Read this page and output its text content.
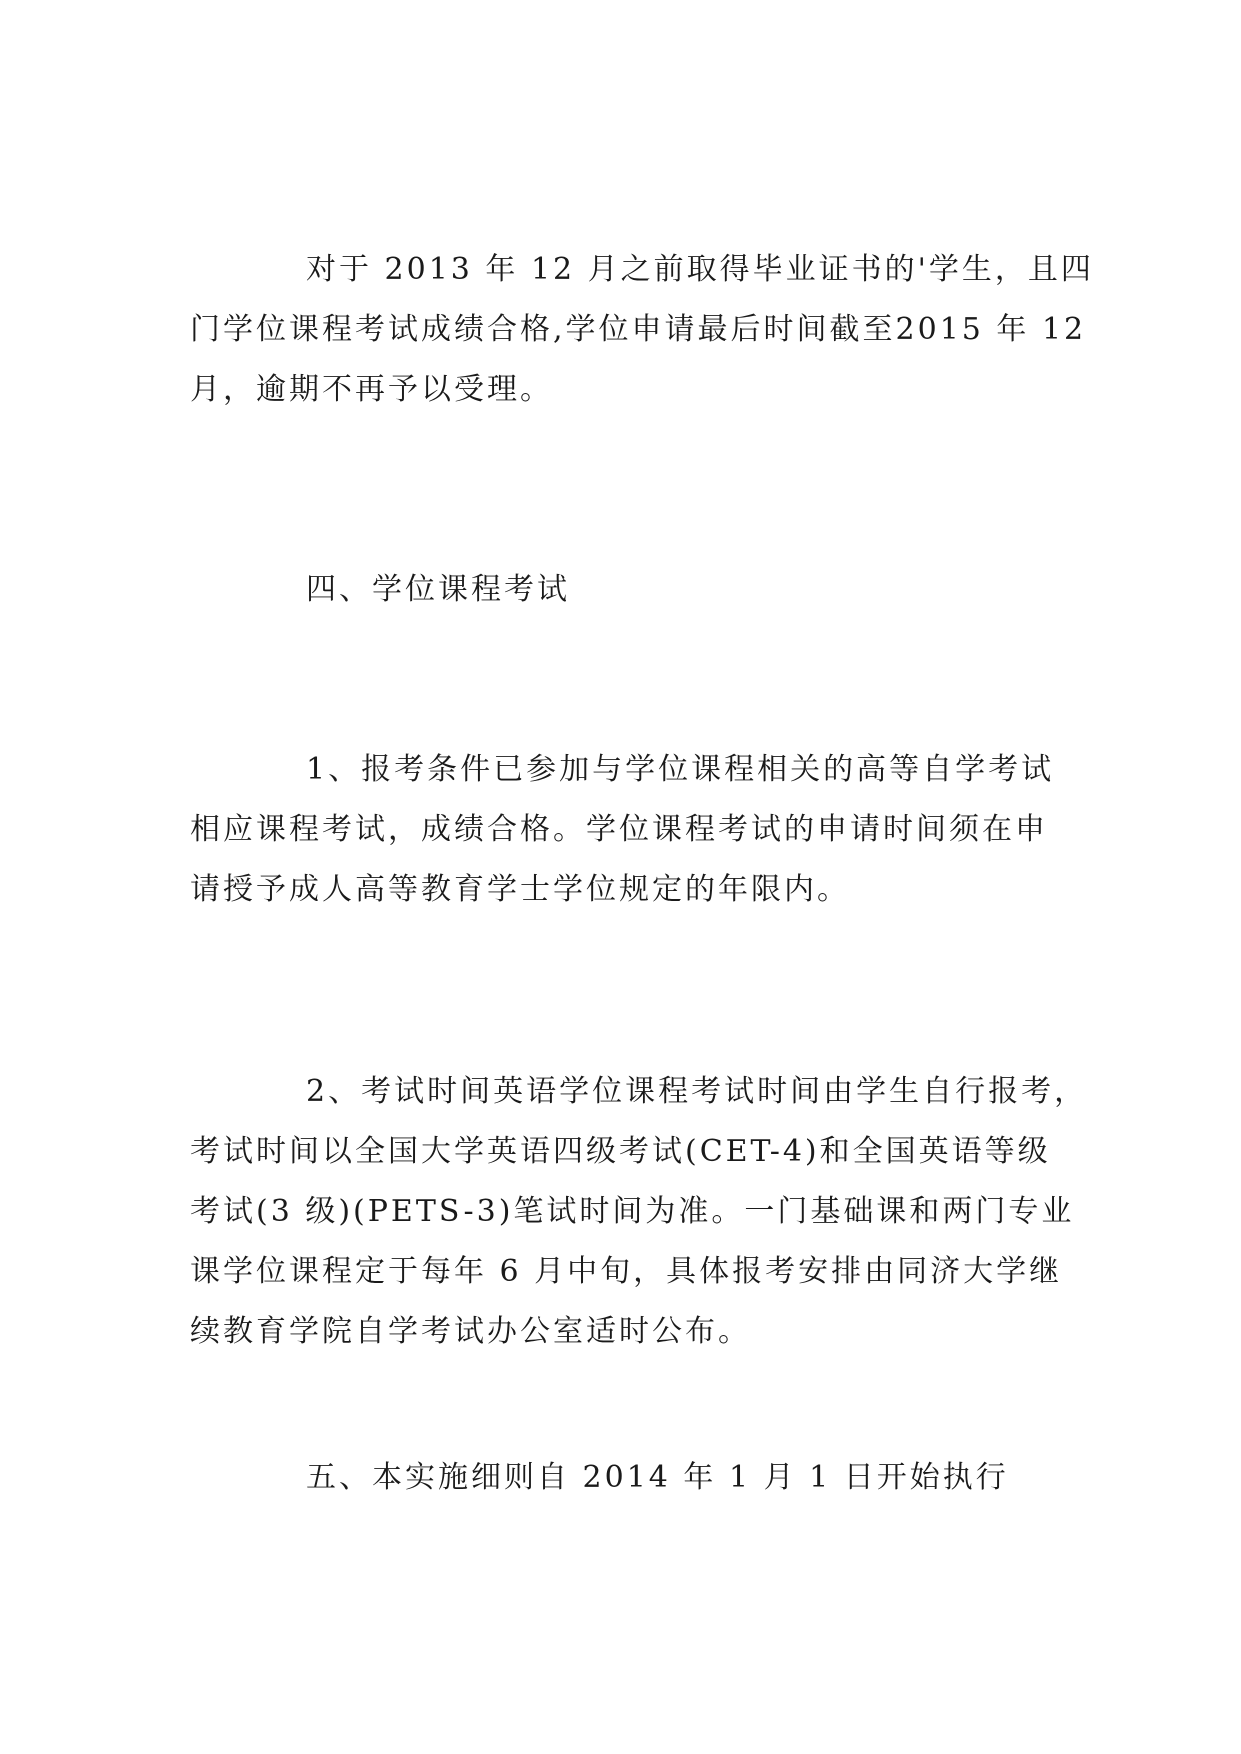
对于 2013 年 12 月之前取得毕业证书的'学生，且四
门学位课程考试成绩合格,学位申请最后时间截至2015 年 12
月，逾期不再予以受理。
四、学位课程考试
1、报考条件已参加与学位课程相关的高等自学考试
相应课程考试，成绩合格。学位课程考试的申请时间须在申
请授予成人高等教育学士学位规定的年限内。
2、考试时间英语学位课程考试时间由学生自行报考，
考试时间以全国大学英语四级考试(CET-4)和全国英语等级
考试(3 级)(PETS-3)笔试时间为准。一门基础课和两门专业
课学位课程定于每年 6 月中旬，具体报考安排由同济大学继
续教育学院自学考试办公室适时公布。
五、本实施细则自 2014 年 1 月 1 日开始执行
